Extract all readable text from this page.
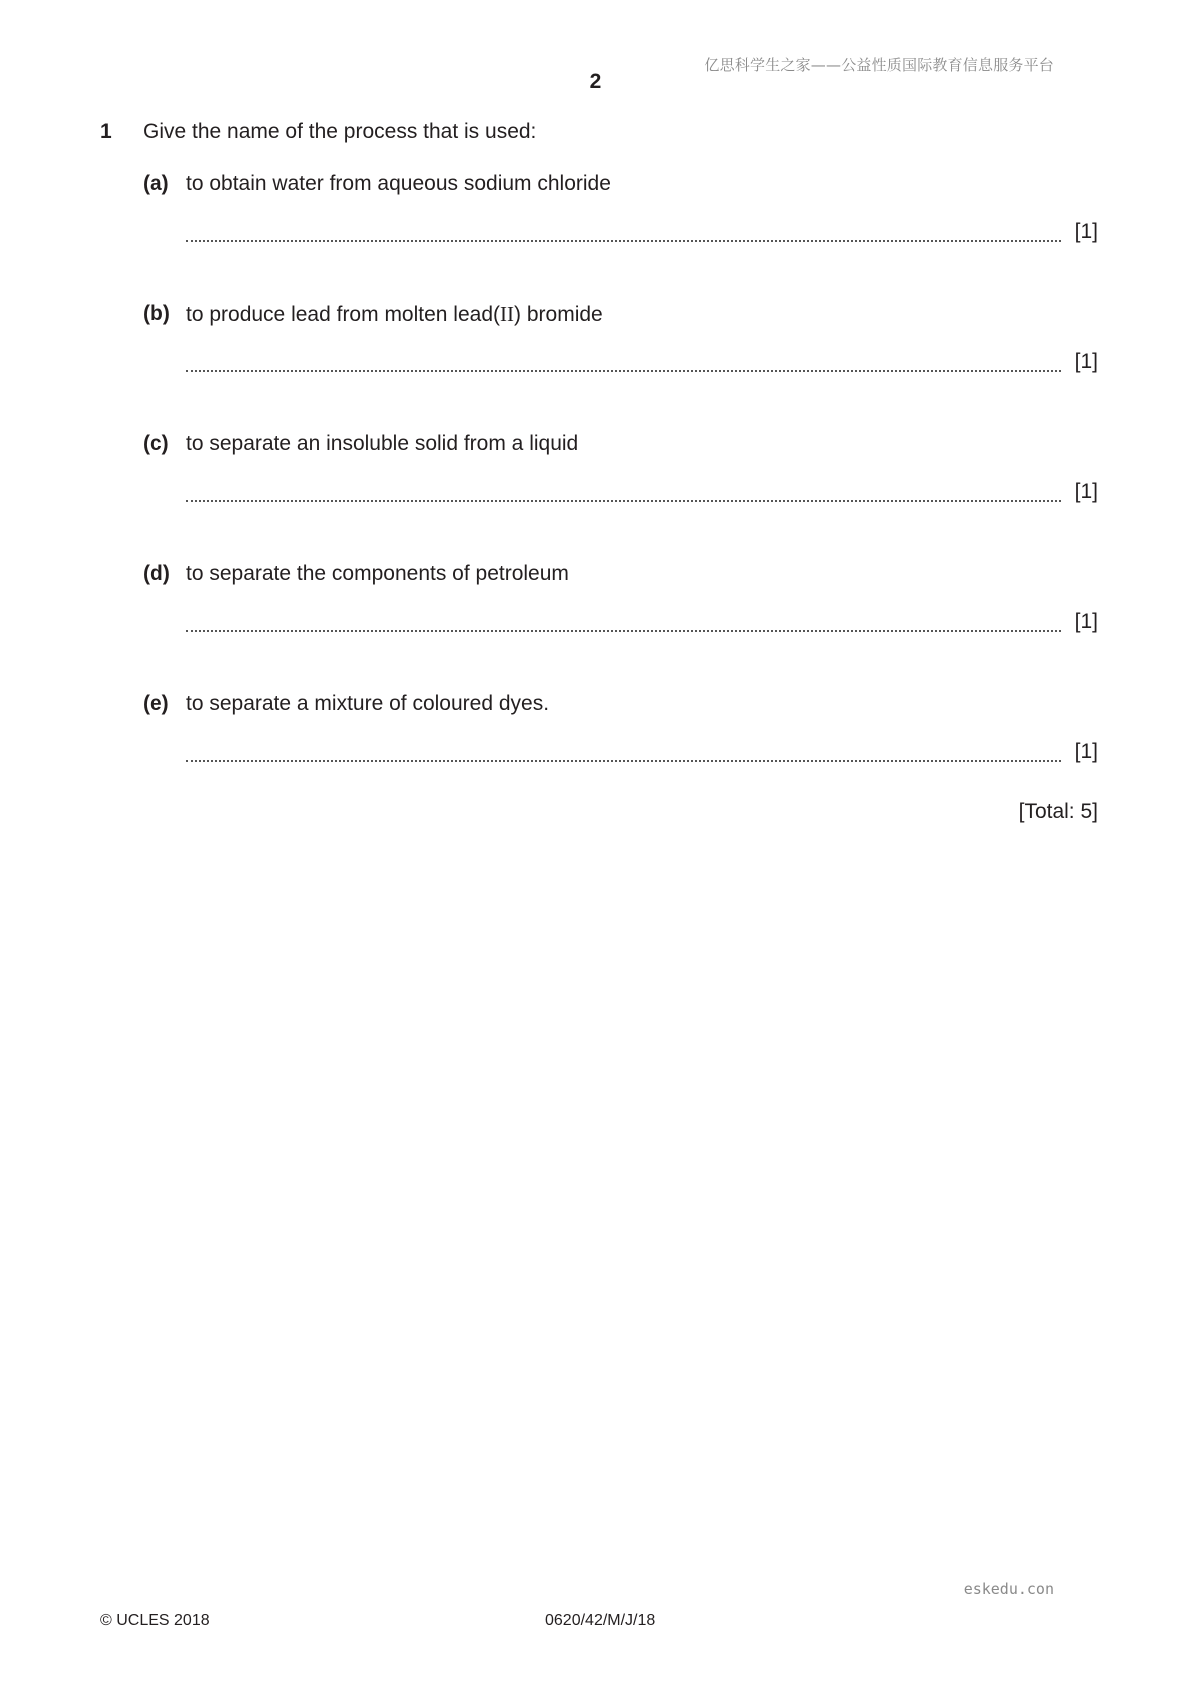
亿思科学生之家——公益性质国际教育信息服务平台
2
1 Give the name of the process that is used:
(a) to obtain water from aqueous sodium chloride
[1]
(b) to produce lead from molten lead(II) bromide
[1]
(c) to separate an insoluble solid from a liquid
[1]
(d) to separate the components of petroleum
[1]
(e) to separate a mixture of coloured dyes.
[1]
[Total: 5]
eskedu.con
© UCLES 2018	0620/42/M/J/18
